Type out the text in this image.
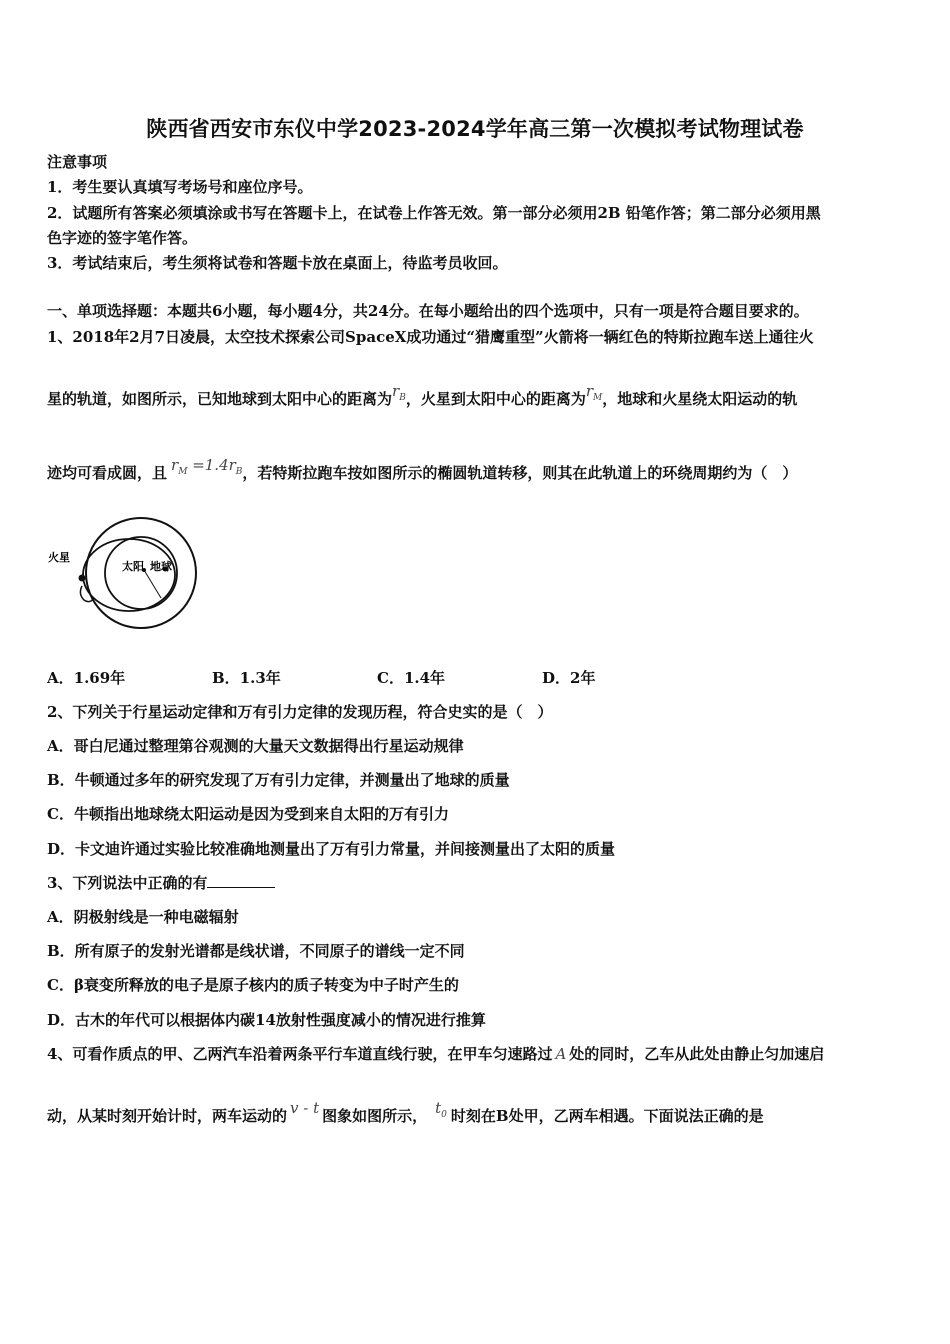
陕西省西安市东仪中学2023-2024学年高三第一次模拟考试物理试卷
注意事项
1．考生要认真填写考场号和座位序号。
2．试题所有答案必须填涂或书写在答题卡上，在试卷上作答无效。第一部分必须用2B 铅笔作答；第二部分必须用黑
色字迹的签字笔作答。
3．考试结束后，考生须将试卷和答题卡放在桌面上，待监考员收回。
一、单项选择题：本题共6小题，每小题4分，共24分。在每小题给出的四个选项中，只有一项是符合题目要求的。
1、2018年2月7日凌晨，太空技术探索公司SpaceX成功通过“猎鹰重型”火箭将一辆红色的特斯拉跑车送上通往火
星的轨道，如图所示，已知地球到太阳中心的距离为$r_B$，火星到太阳中心的距离为$r_M$，地球和火星绕太阳运动的轨
迹均可看成圆，且 $r_M =1.4r_B$，若特斯拉跑车按如图所示的椭圆轨道转移，则其在此轨道上的环绕周期约为（　）
火星
太阳 地球
A．1.69年	B．1.3年	C．1.4年	D．2年
2、下列关于行星运动定律和万有引力定律的发现历程，符合史实的是（　）
A．哥白尼通过整理第谷观测的大量天文数据得出行星运动规律
B．牛顿通过多年的研究发现了万有引力定律，并测量出了地球的质量
C．牛顿指出地球绕太阳运动是因为受到来自太阳的万有引力
D．卡文迪许通过实验比较准确地测量出了万有引力常量，并间接测量出了太阳的质量
3、下列说法中正确的有
A．阴极射线是一种电磁辐射
B．所有原子的发射光谱都是线状谱，不同原子的谱线一定不同
C．β衰变所释放的电子是原子核内的质子转变为中子时产生的
D．古木的年代可以根据体内碳14放射性强度减小的情况进行推算
4、可看作质点的甲、乙两汽车沿着两条平行车道直线行驶，在甲车匀速路过 A 处的同时，乙车从此处由静止匀加速启
动，从某时刻开始计时，两车运动的 v - t 图象如图所示， $t_0$ 时刻在B处甲，乙两车相遇。下面说法正确的是
